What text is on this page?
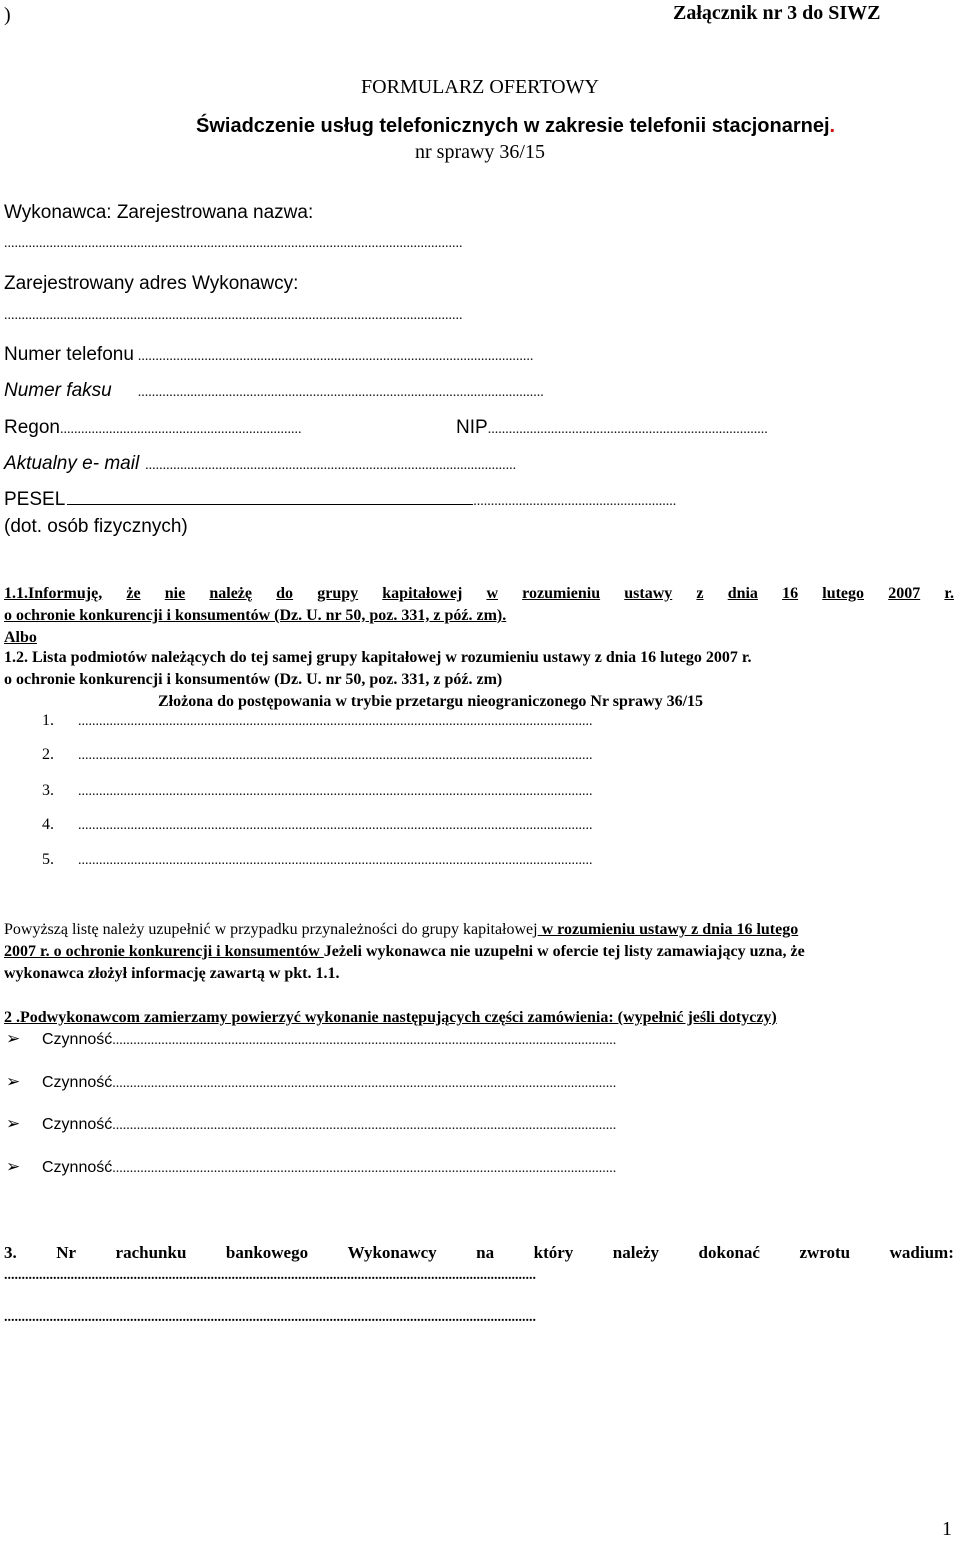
)	Załącznik nr 3 do SIWZ
FORMULARZ OFERTOWY
Świadczenie usług telefonicznych w zakresie telefonii stacjonarnej.
nr sprawy 36/15
Wykonawca: Zarejestrowana nazwa:
...................................................................................................................................
Zarejestrowany adres Wykonawcy:
...................................................................................................................................
Numer telefonu .................................................................................................................
Numer faksu ....................................................................................................................
Regon .....................................................................	NIP ................................................................................
Aktualny e- mail ..........................................................................................................
PESEL	..........................................................
(dot. osób fizycznych)
1.1.Informuję, że nie należę do grupy kapitałowej w rozumieniu ustawy z dnia 16 lutego 2007 r.
o ochronie konkurencji i konsumentów (Dz. U. nr 50, poz. 331, z póź. zm).
Albo
1.2. Lista podmiotów należących do tej samej grupy kapitałowej w rozumieniu ustawy z dnia 16 lutego 2007 r.
o ochronie konkurencji i konsumentów (Dz. U. nr 50, poz. 331, z póź. zm)
Złożona do postępowania w trybie przetargu nieograniczonego Nr sprawy 36/15
1.	...................................................................................................................................................
2.	...................................................................................................................................................
3.	...................................................................................................................................................
4.	...................................................................................................................................................
5.	...................................................................................................................................................
Powyższą listę należy uzupełnić w przypadku przynależności do grupy kapitałowej w rozumieniu ustawy z dnia 16 lutego
2007 r. o ochronie konkurencji i konsumentów Jeżeli wykonawca nie uzupełni w ofercie tej listy zamawiający uzna, że
wykonawca złożył informację zawartą w pkt. 1.1.
2 .Podwykonawcom zamierzamy powierzyć wykonanie następujących części zamówienia: (wypełnić jeśli dotyczy)
➢	Czynność ................................................................................................................................................
➢	Czynność ................................................................................................................................................
➢	Czynność ................................................................................................................................................
➢	Czynność ................................................................................................................................................
3. Nr rachunku bankowego Wykonawcy na który należy dokonać zwrotu wadium:
........................................................................................................................................................
........................................................................................................................................................
1
